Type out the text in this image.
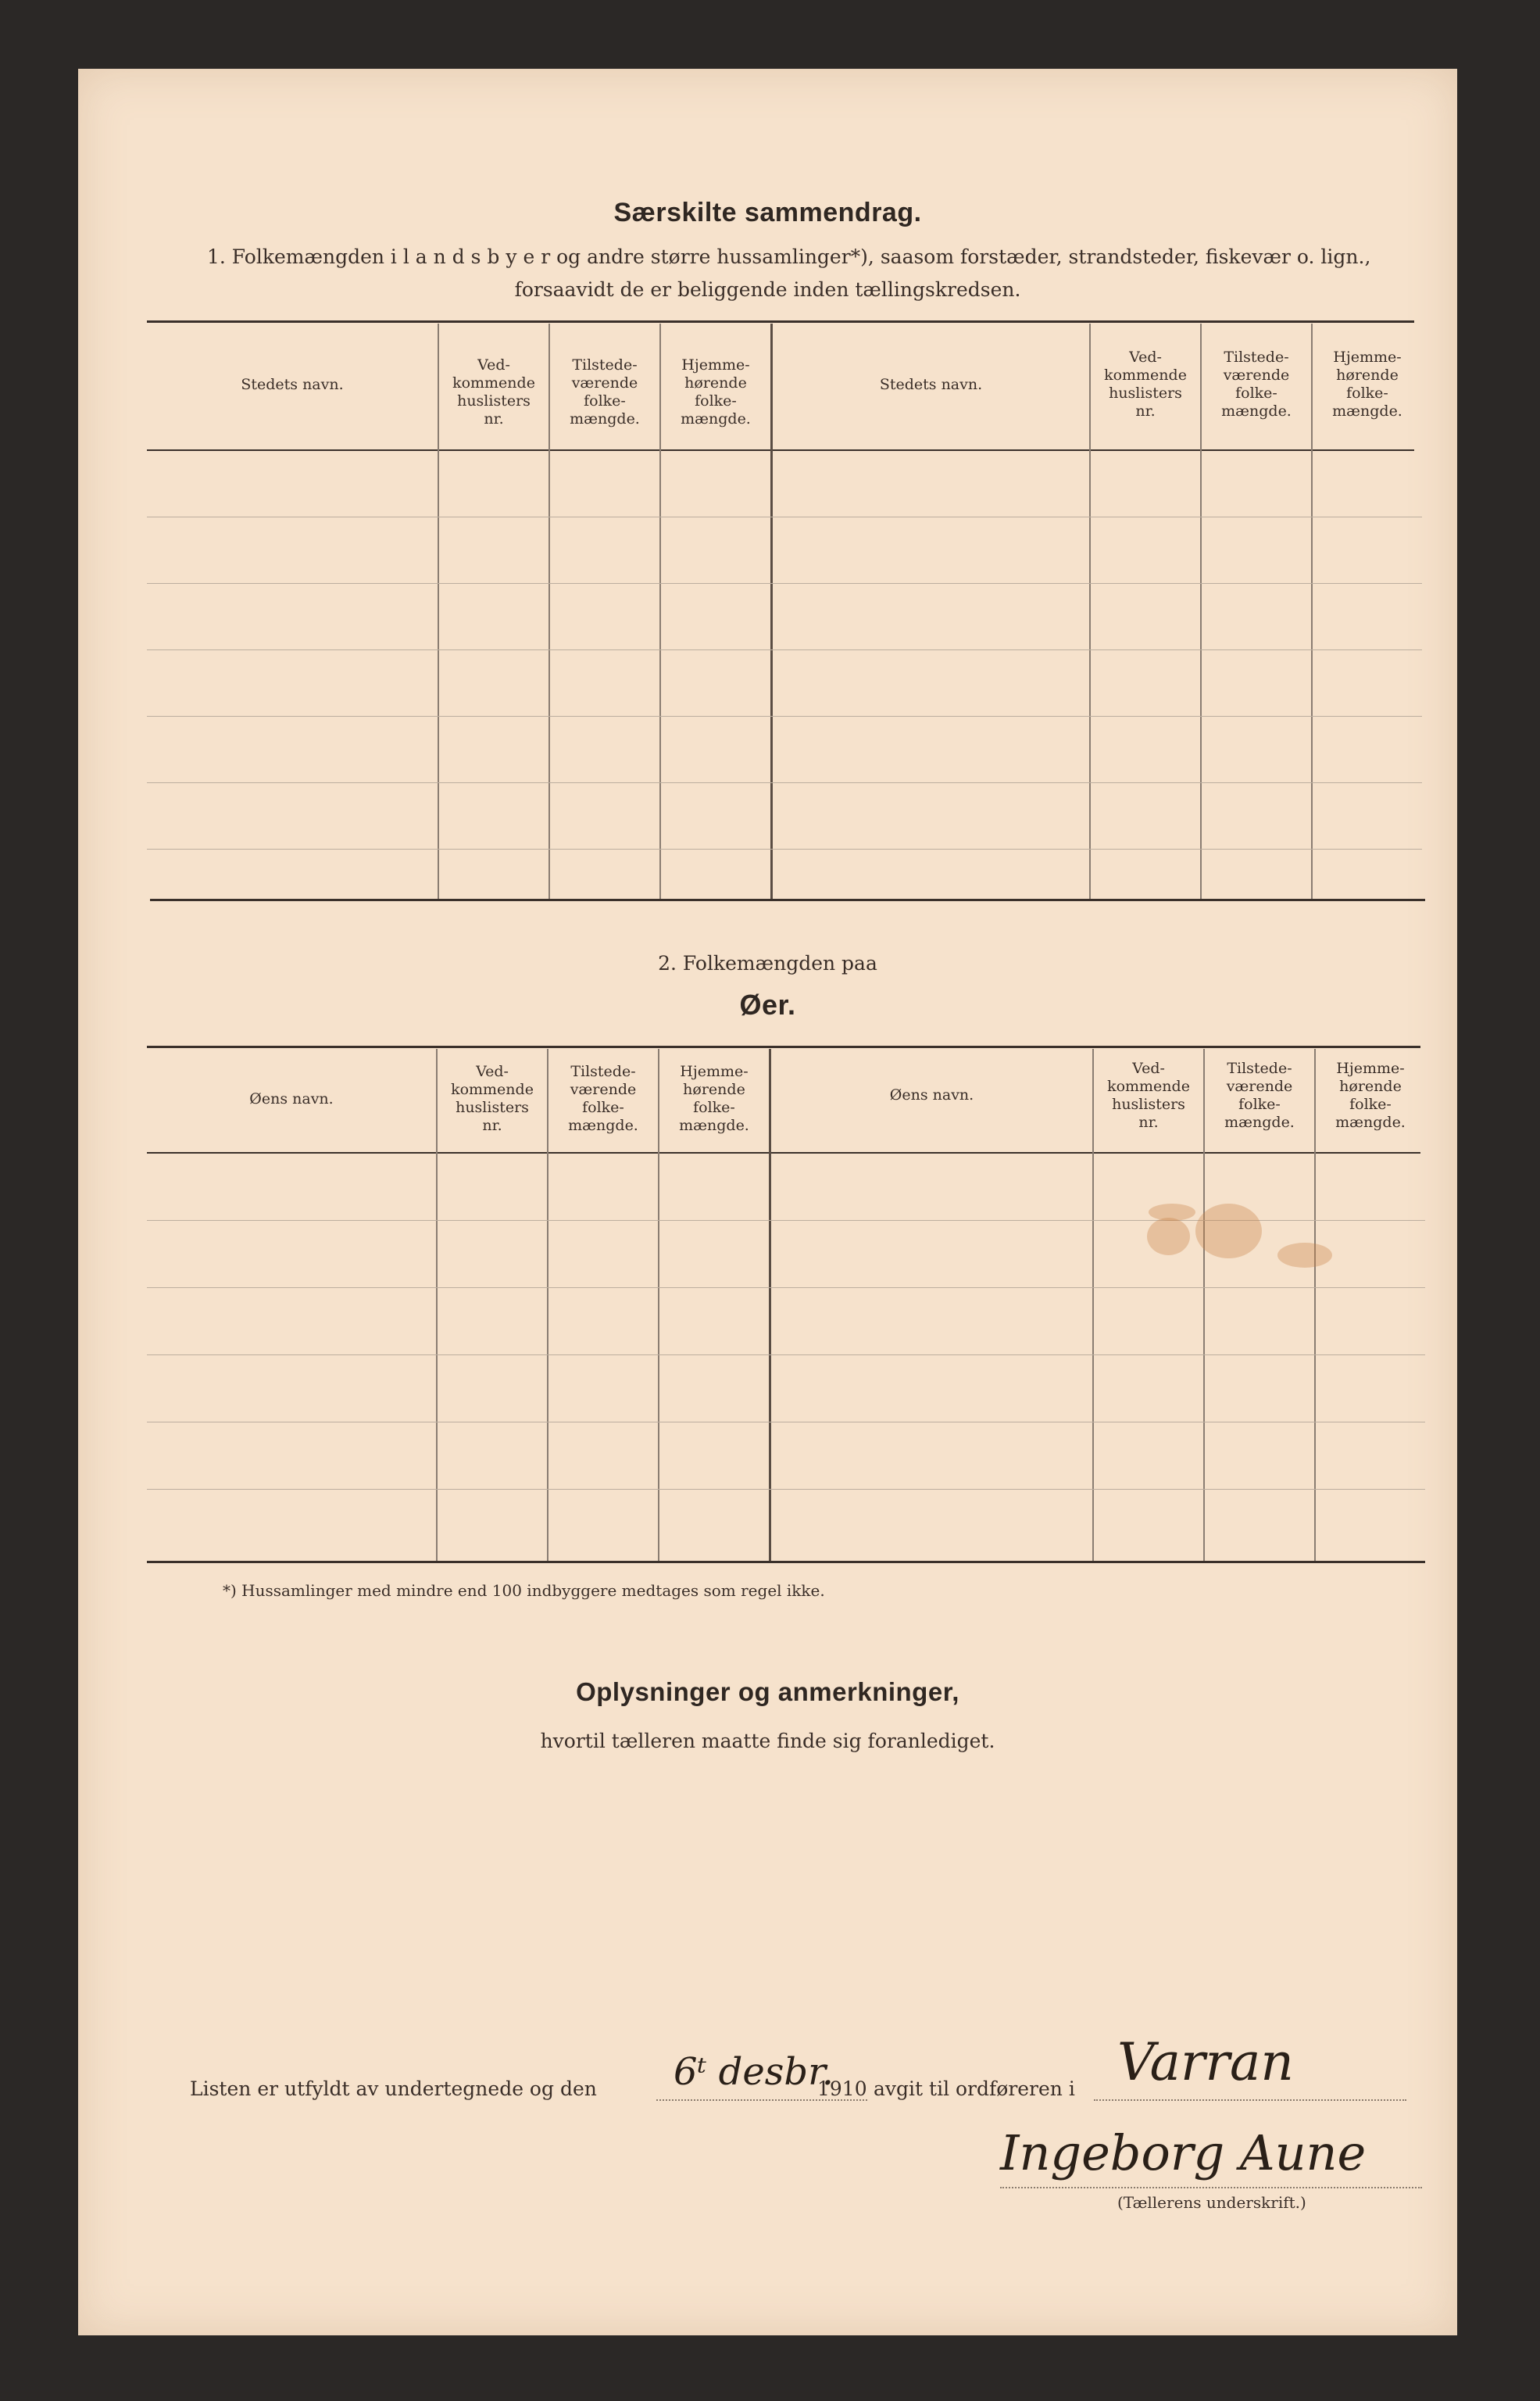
Særskilte sammendrag.
1. Folkemængden i l a n d s b y e r og andre større hussamlinger*), saasom forstæder, strandsteder, fiskevær o. lign.,
forsaavidt de er beliggende inden tællingskredsen.
Stedets navn.
Ved-
kommende
huslisters
nr.
Tilstede-
værende
folke-
mængde.
Hjemme-
hørende
folke-
mængde.
Stedets navn.
Ved-
kommende
huslisters
nr.
Tilstede-
værende
folke-
mængde.
Hjemme-
hørende
folke-
mængde.
2. Folkemængden paa
Øer.
Øens navn.
Ved-
kommende
huslisters
nr.
Tilstede-
værende
folke-
mængde.
Hjemme-
hørende
folke-
mængde.
Øens navn.
Ved-
kommende
huslisters
nr.
Tilstede-
værende
folke-
mængde.
Hjemme-
hørende
folke-
mængde.
*) Hussamlinger med mindre end 100 indbyggere medtages som regel ikke.
Oplysninger og anmerkninger,
hvortil tælleren maatte finde sig foranlediget.
Listen er utfyldt av undertegnede og den 6ᵗ desbr.
1910 avgit til ordføreren i Varran
Ingeborg Aune
(Tællerens underskrift.)
